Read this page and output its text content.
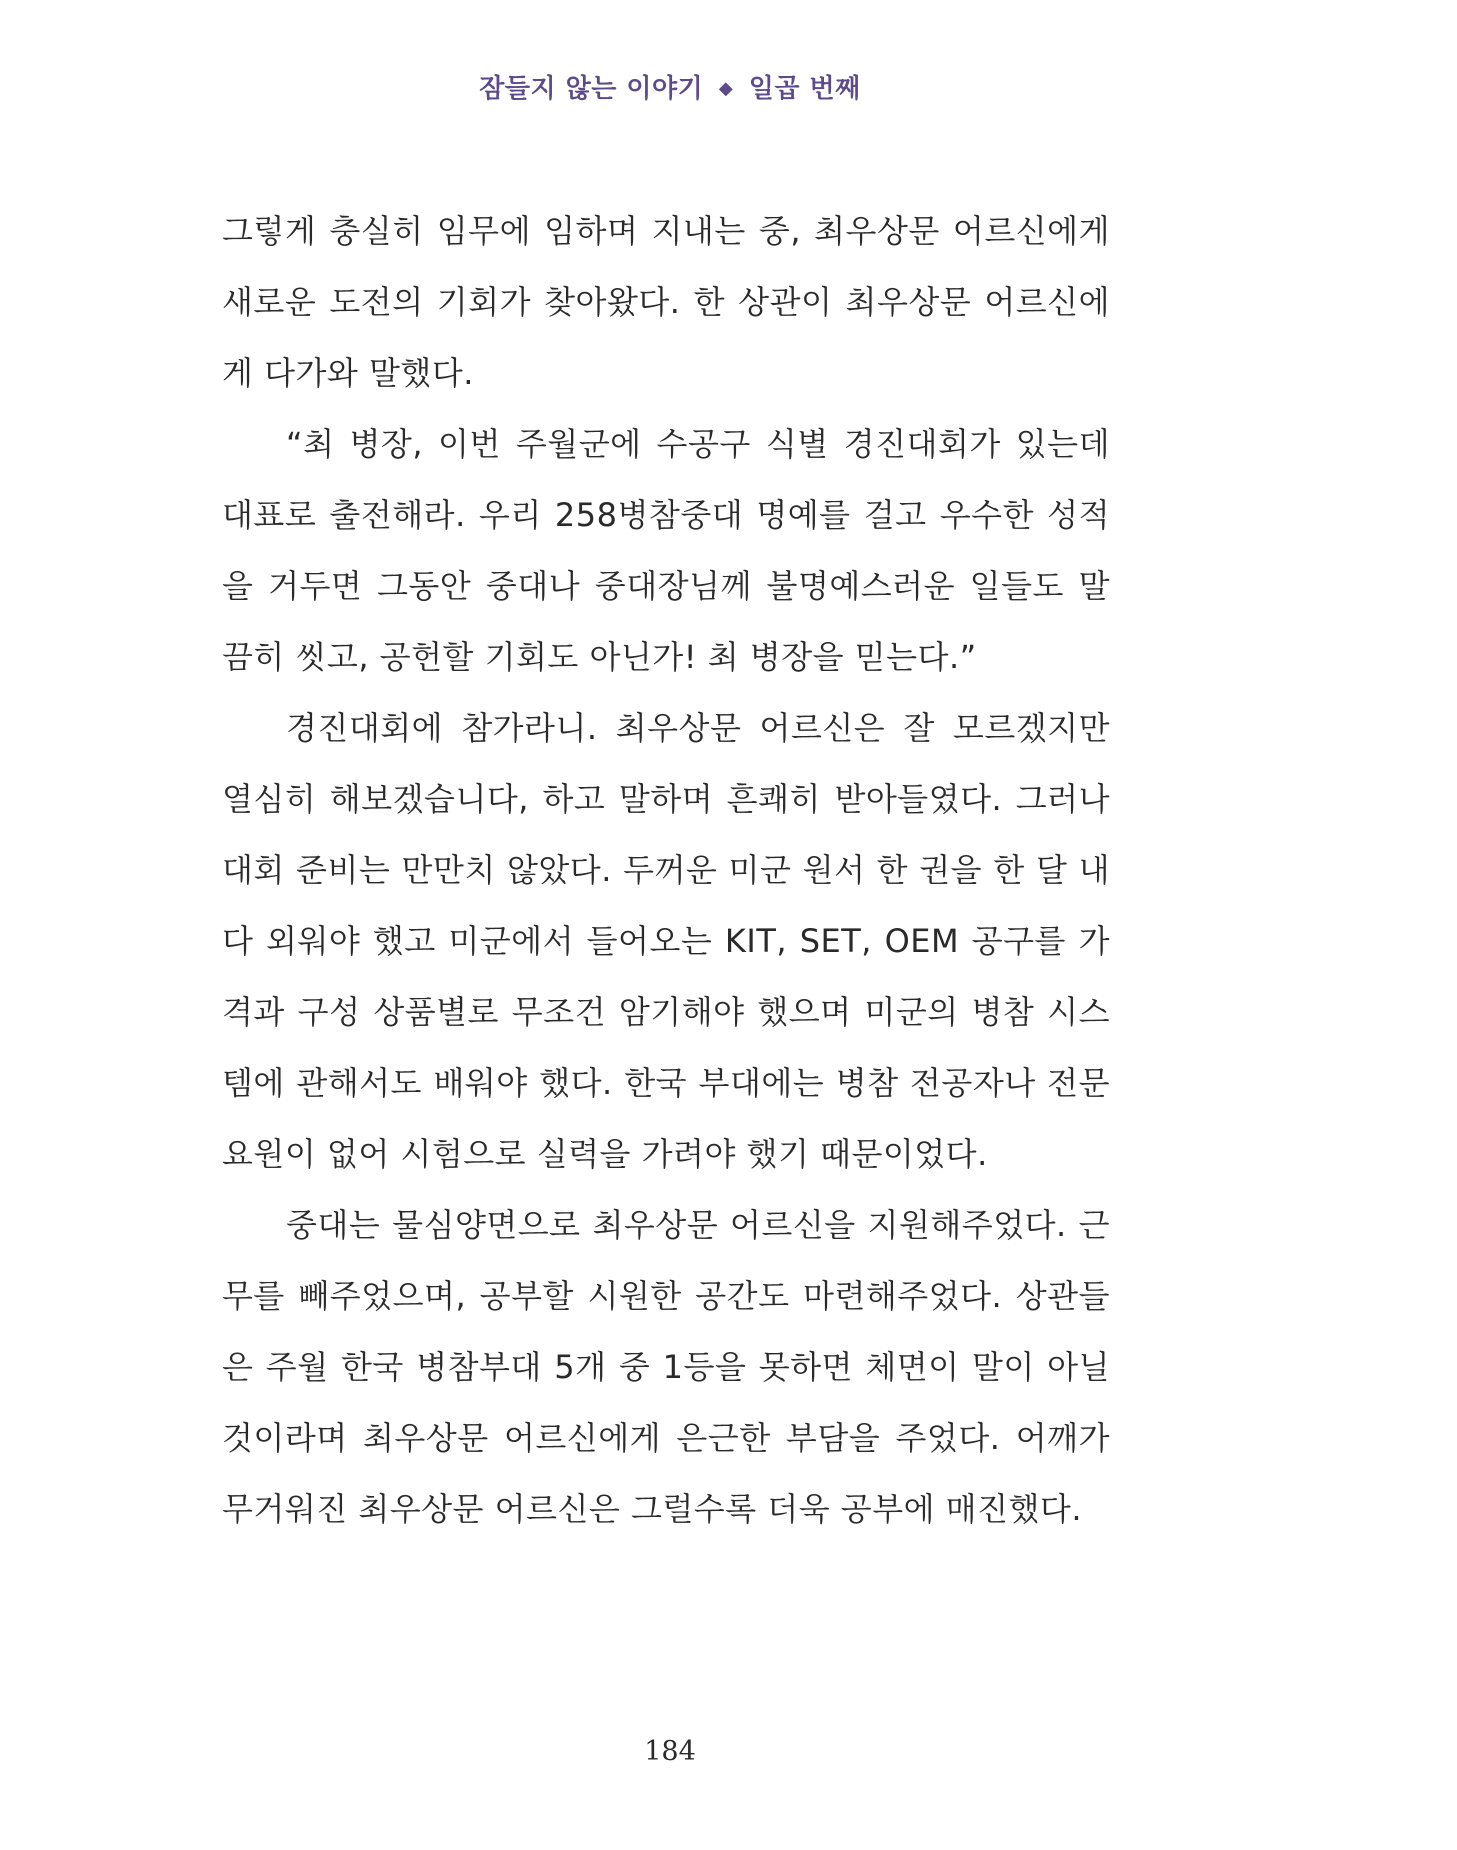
잠들지 않는 이야기 ◆ 일곱 번째

그렇게 충실히 임무에 임하며 지내는 중, 최우상문 어르신에게 새로운 도전의 기회가 찾아왔다. 한 상관이 최우상문 어르신에게 다가와 말했다.

“최 병장, 이번 주월군에 수공구 식별 경진대회가 있는데 대표로 출전해라. 우리 258병참중대 명예를 걸고 우수한 성적을 거두면 그동안 중대나 중대장님께 불명예스러운 일들도 말끔히 씻고, 공헌할 기회도 아닌가! 최 병장을 믿는다.”

경진대회에 참가라니. 최우상문 어르신은 잘 모르겠지만 열심히 해보겠습니다, 하고 말하며 흔쾌히 받아들였다. 그러나 대회 준비는 만만치 않았다. 두꺼운 미군 원서 한 권을 한 달 내다 외워야 했고 미군에서 들어오는 KIT, SET, OEM 공구를 가격과 구성 상품별로 무조건 암기해야 했으며 미군의 병참 시스템에 관해서도 배워야 했다. 한국 부대에는 병참 전공자나 전문요원이 없어 시험으로 실력을 가려야 했기 때문이었다.

중대는 물심양면으로 최우상문 어르신을 지원해주었다. 근무를 빼주었으며, 공부할 시원한 공간도 마련해주었다. 상관들은 주월 한국 병참부대 5개 중 1등을 못하면 체면이 말이 아닐 것이라며 최우상문 어르신에게 은근한 부담을 주었다. 어깨가 무거워진 최우상문 어르신은 그럴수록 더욱 공부에 매진했다.

184
